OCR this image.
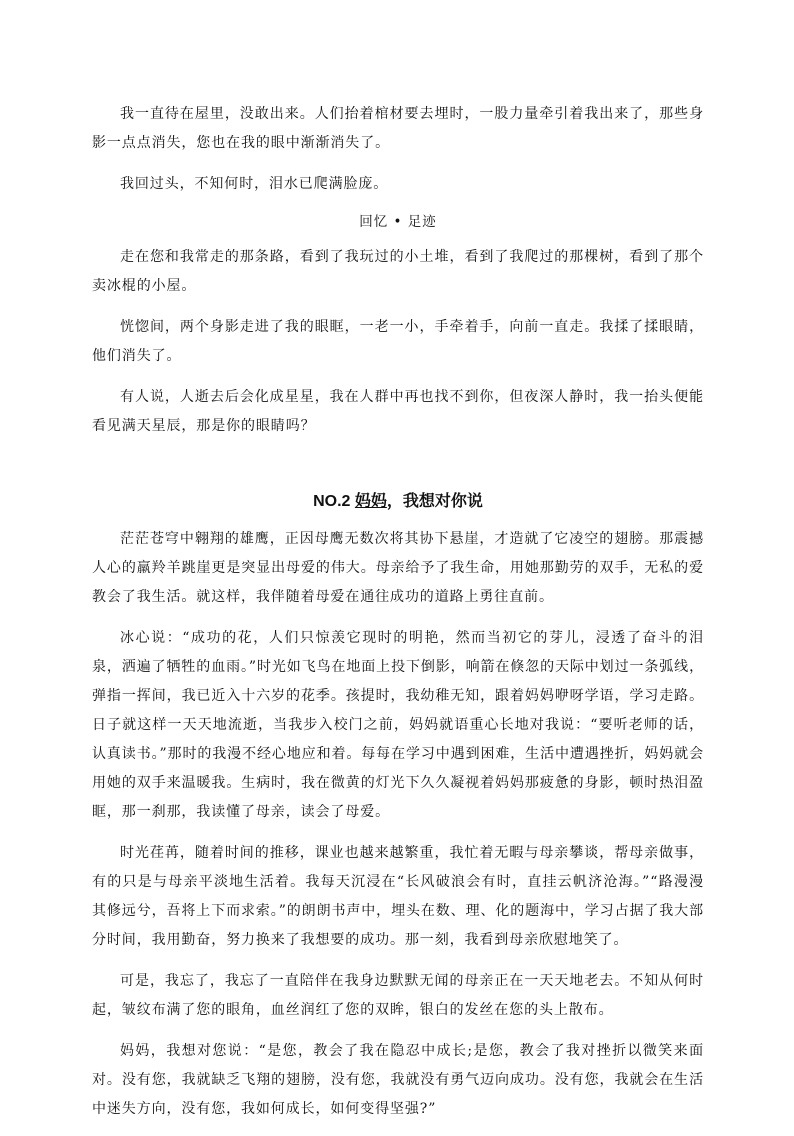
我一直待在屋里，没敢出来。人们抬着棺材要去埋时，一股力量牵引着我出来了，那些身影一点点消失，您也在我的眼中渐渐消失了。

我回过头，不知何时，泪水已爬满脸庞。

回忆 • 足迹

走在您和我常走的那条路，看到了我玩过的小土堆，看到了我爬过的那棵树，看到了那个卖冰棍的小屋。

恍惚间，两个身影走进了我的眼眶，一老一小，手牵着手，向前一直走。我揉了揉眼睛，他们消失了。

有人说，人逝去后会化成星星，我在人群中再也找不到你，但夜深人静时，我一抬头便能看见满天星辰，那是你的眼睛吗？

NO.2 妈妈，我想对你说

茫茫苍穹中翱翔的雄鹰，正因母鹰无数次将其协下悬崖，才造就了它凌空的翅膀。那震撼人心的羸羚羊跳崖更是突显出母爱的伟大。母亲给予了我生命，用她那勤劳的双手，无私的爱教会了我生活。就这样，我伴随着母爱在通往成功的道路上勇往直前。

冰心说：“成功的花，人们只惊羡它现时的明艳，然而当初它的芽儿，浸透了奋斗的泪泉，洒遍了牺牲的血雨。”时光如飞鸟在地面上投下倒影，响箭在倏忽的天际中划过一条弧线，弹指一挥间，我已近入十六岁的花季。孩提时，我幼稚无知，跟着妈妈咿呀学语，学习走路。日子就这样一天天地流逝，当我步入校门之前，妈妈就语重心长地对我说：“要听老师的话，认真读书。”那时的我漫不经心地应和着。每每在学习中遇到困难，生活中遭遇挫折，妈妈就会用她的双手来温暖我。生病时，我在微黄的灯光下久久凝视着妈妈那疲惫的身影，顿时热泪盈眶，那一刹那，我读懂了母亲，读会了母爱。

时光荏苒，随着时间的推移，课业也越来越繁重，我忙着无暇与母亲攀谈，帮母亲做事，有的只是与母亲平淡地生活着。我每天沉浸在“长风破浪会有时，直挂云帆济沧海。”“路漫漫其修远兮，吾将上下而求索。”的朗朗书声中，埋头在数、理、化的题海中，学习占据了我大部分时间，我用勤奋，努力换来了我想要的成功。那一刻，我看到母亲欣慰地笑了。

可是，我忘了，我忘了一直陪伴在我身边默默无闻的母亲正在一天天地老去。不知从何时起，皱纹布满了您的眼角，血丝润红了您的双眸，银白的发丝在您的头上散布。

妈妈，我想对您说：“是您，教会了我在隐忍中成长;是您，教会了我对挫折以微笑来面对。没有您，我就缺乏飞翔的翅膀，没有您，我就没有勇气迈向成功。没有您，我就会在生活中迷失方向，没有您，我如何成长，如何变得坚强?”
